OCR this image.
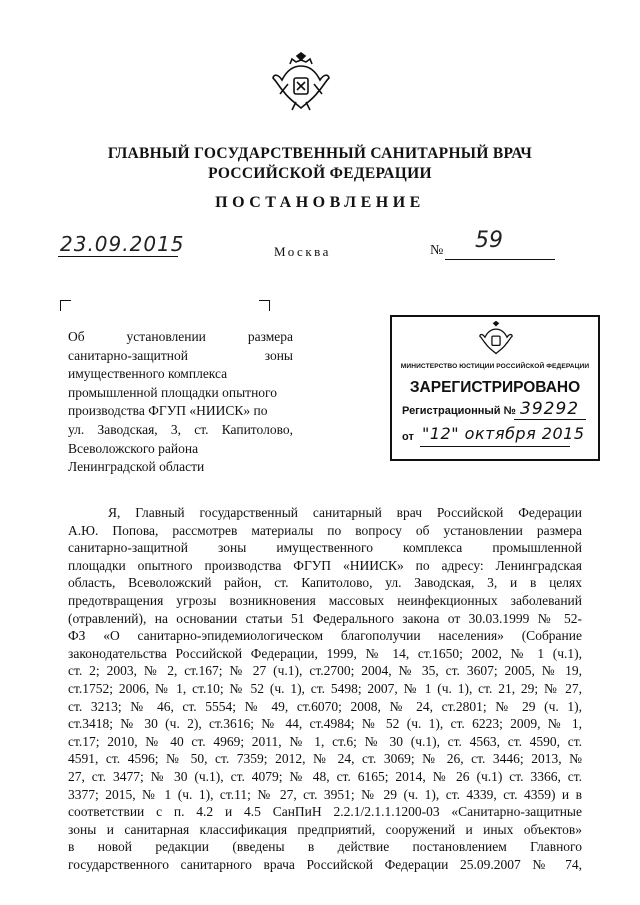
ГЛАВНЫЙ ГОСУДАРСТВЕННЫЙ САНИТАРНЫЙ ВРАЧ
РОССИЙСКОЙ ФЕДЕРАЦИИ
ПОСТАНОВЛЕНИЕ
23.09.2015	Москва	№ 59
Об установлении размера
санитарно-защитной зоны
имущественного комплекса
промышленной площадки опытного
производства ФГУП «НИИСК» по
ул. Заводская, 3, ст. Капитолово,
Всеволожского района
Ленинградской области
МИНИСТЕРСТВО ЮСТИЦИИ РОССИЙСКОЙ ФЕДЕРАЦИИ
ЗАРЕГИСТРИРОВАНО
Регистрационный № 39292
от "12" октября 2015
Я, Главный государственный санитарный врач Российской Федерации
А.Ю. Попова, рассмотрев материалы по вопросу об установлении размера
санитарно-защитной зоны имущественного комплекса промышленной
площадки опытного производства ФГУП «НИИСК» по адресу: Ленинградская
область, Всеволожский район, ст. Капитолово, ул. Заводская, 3, и в целях
предотвращения угрозы возникновения массовых неинфекционных заболеваний
(отравлений), на основании статьи 51 Федерального закона от 30.03.1999 № 52-
ФЗ «О санитарно-эпидемиологическом благополучии населения» (Собрание
законодательства Российской Федерации, 1999, № 14, ст.1650; 2002, № 1 (ч.1),
ст. 2; 2003, № 2, ст.167; № 27 (ч.1), ст.2700; 2004, № 35, ст. 3607; 2005, № 19,
ст.1752; 2006, № 1, ст.10; № 52 (ч. 1), ст. 5498; 2007, № 1 (ч. 1), ст. 21, 29; № 27,
ст. 3213; № 46, ст. 5554; № 49, ст.6070; 2008, № 24, ст.2801; № 29 (ч. 1),
ст.3418; № 30 (ч. 2), ст.3616; № 44, ст.4984; № 52 (ч. 1), ст. 6223; 2009, № 1,
ст.17; 2010, № 40 ст. 4969; 2011, № 1, ст.6; № 30 (ч.1), ст. 4563, ст. 4590, ст.
4591, ст. 4596; № 50, ст. 7359; 2012, № 24, ст. 3069; № 26, ст. 3446; 2013, №
27, ст. 3477; № 30 (ч.1), ст. 4079; № 48, ст. 6165; 2014, № 26 (ч.1) ст. 3366, ст.
3377; 2015, № 1 (ч. 1), ст.11; № 27, ст. 3951; № 29 (ч. 1), ст. 4339, ст. 4359) и в
соответствии с п. 4.2 и 4.5 СанПиН 2.2.1/2.1.1.1200-03 «Санитарно-защитные
зоны и санитарная классификация предприятий, сооружений и иных объектов»
в новой редакции (введены в действие постановлением Главного
государственного санитарного врача Российской Федерации 25.09.2007 № 74,
